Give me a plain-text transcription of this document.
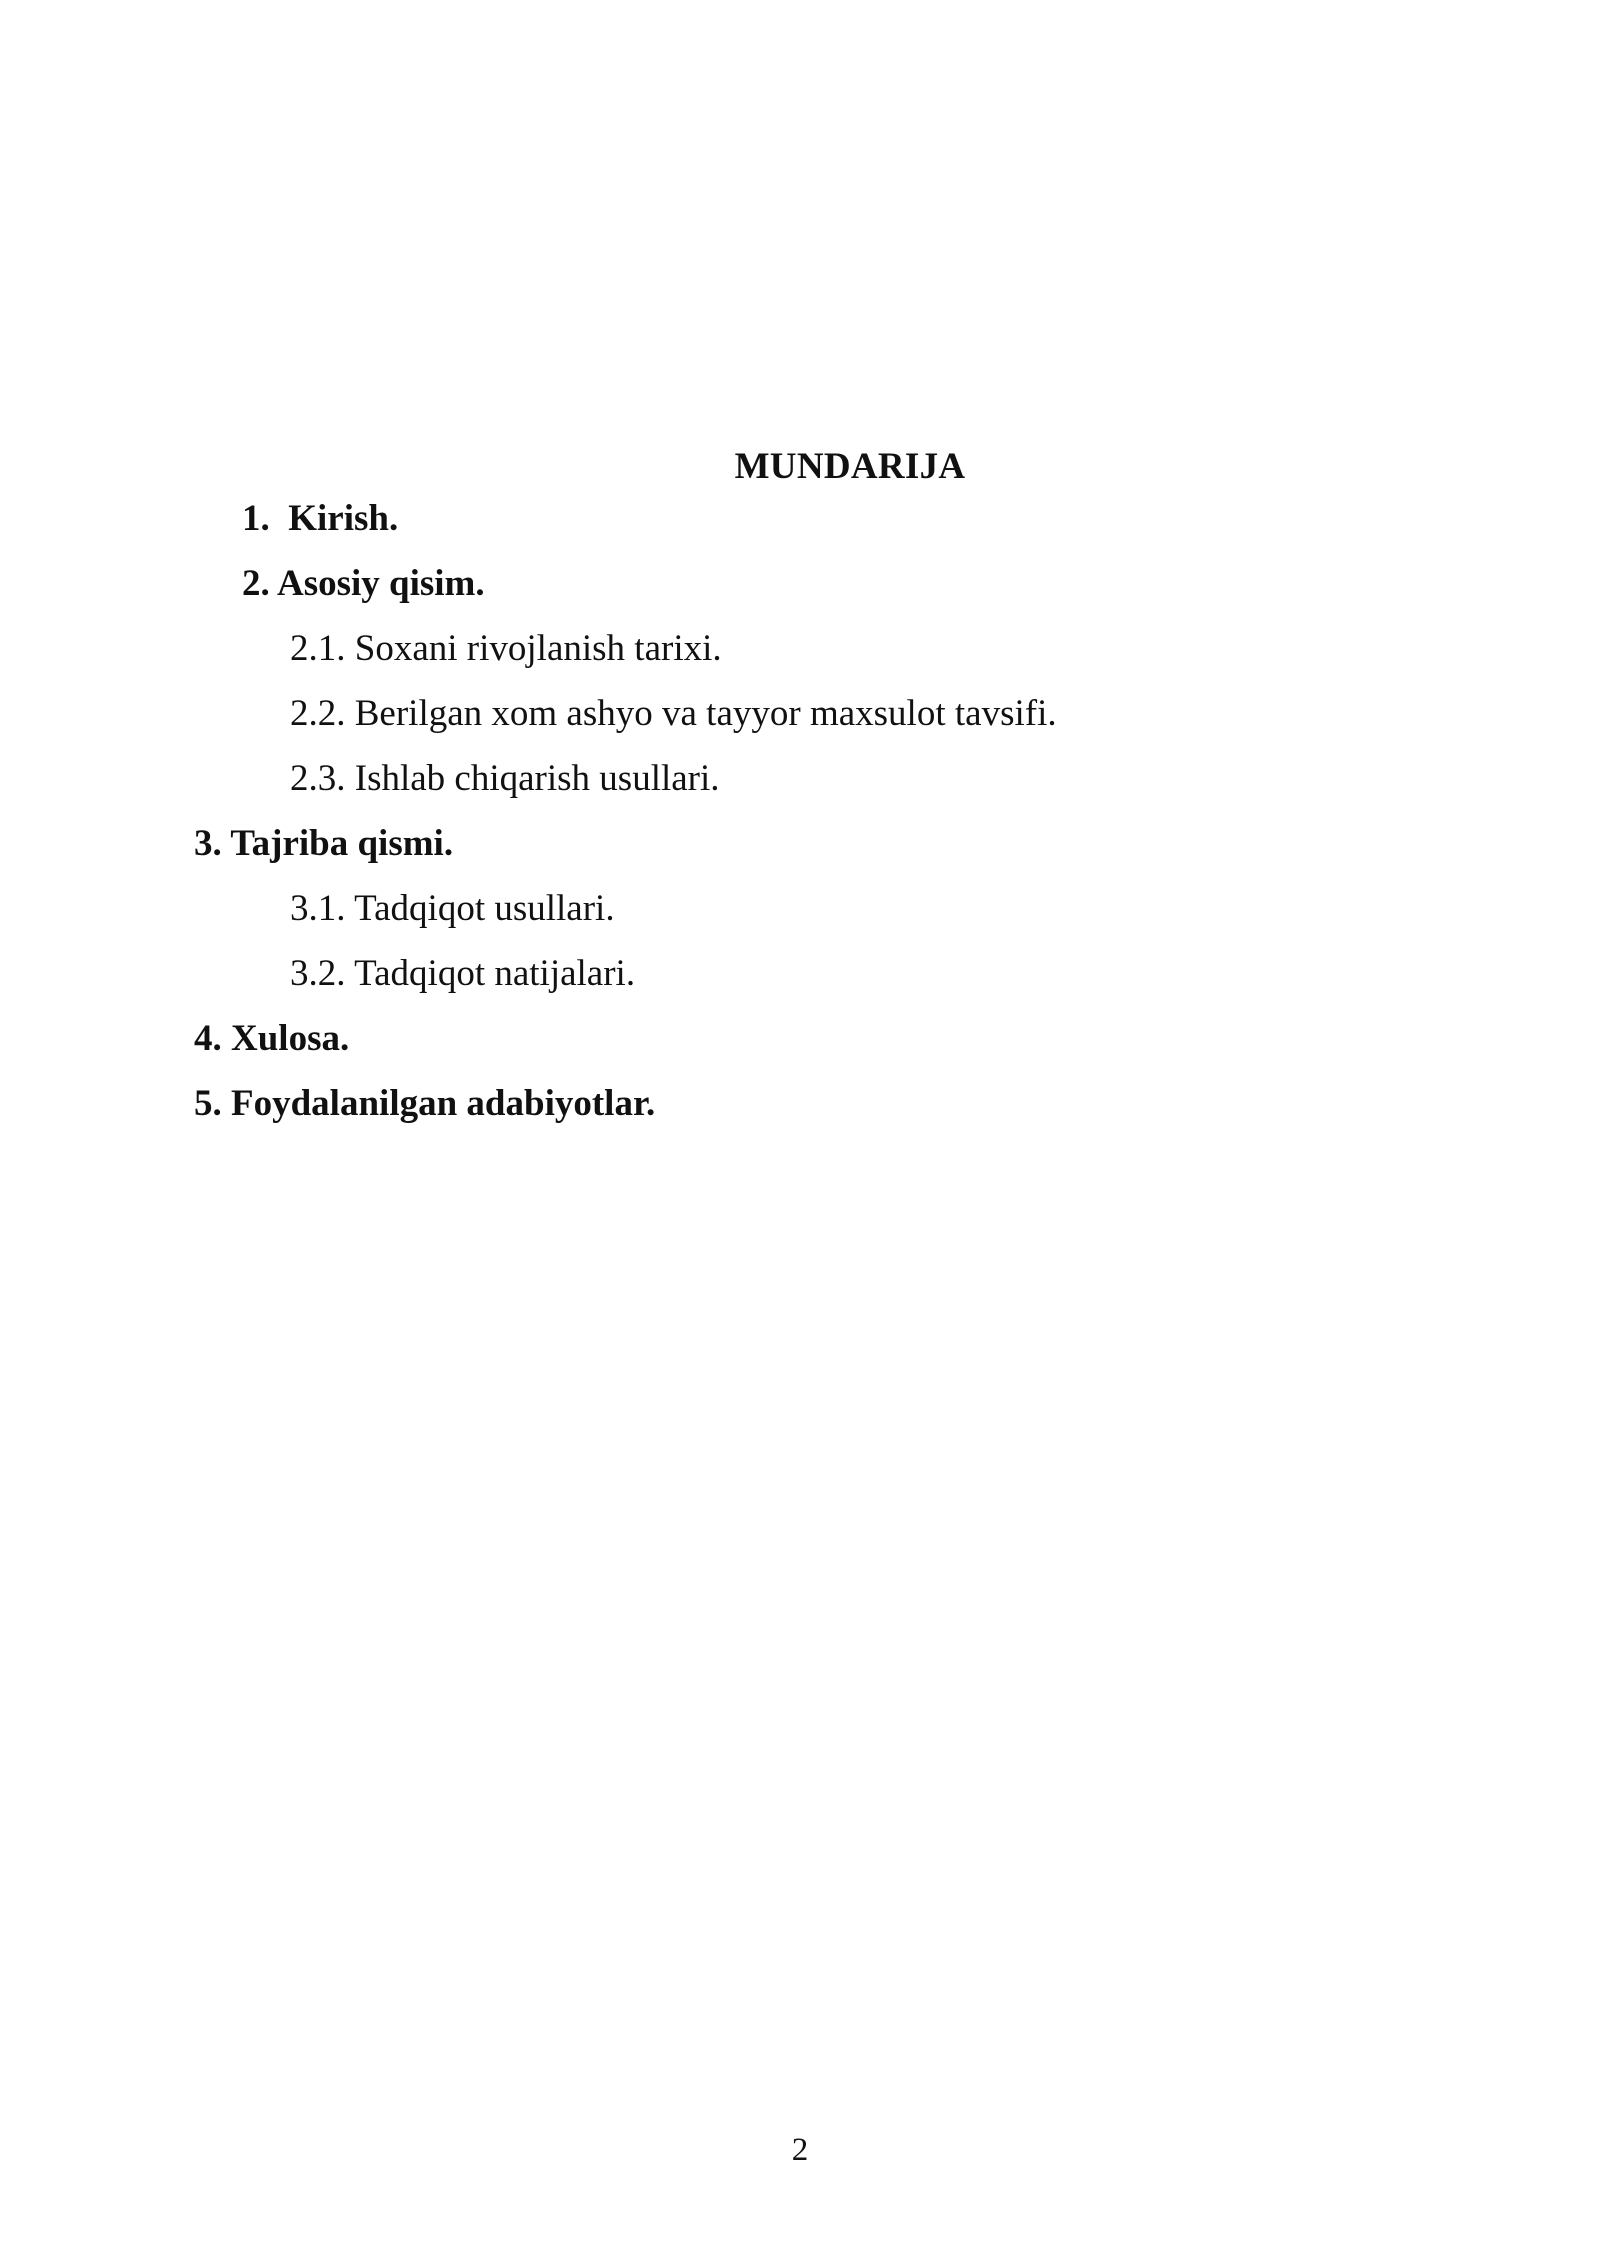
MUNDARIJA
1. Kirish.
2. Asosiy qisim.
2.1. Soxani rivojlanish tarixi.
2.2. Berilgan xom ashyo va tayyor maxsulot tavsifi.
2.3. Ishlab chiqarish usullari.
3. Tajriba qismi.
3.1. Tadqiqot usullari.
3.2. Tadqiqot natijalari.
4. Xulosa.
5. Foydalanilgan adabiyotlar.
2
